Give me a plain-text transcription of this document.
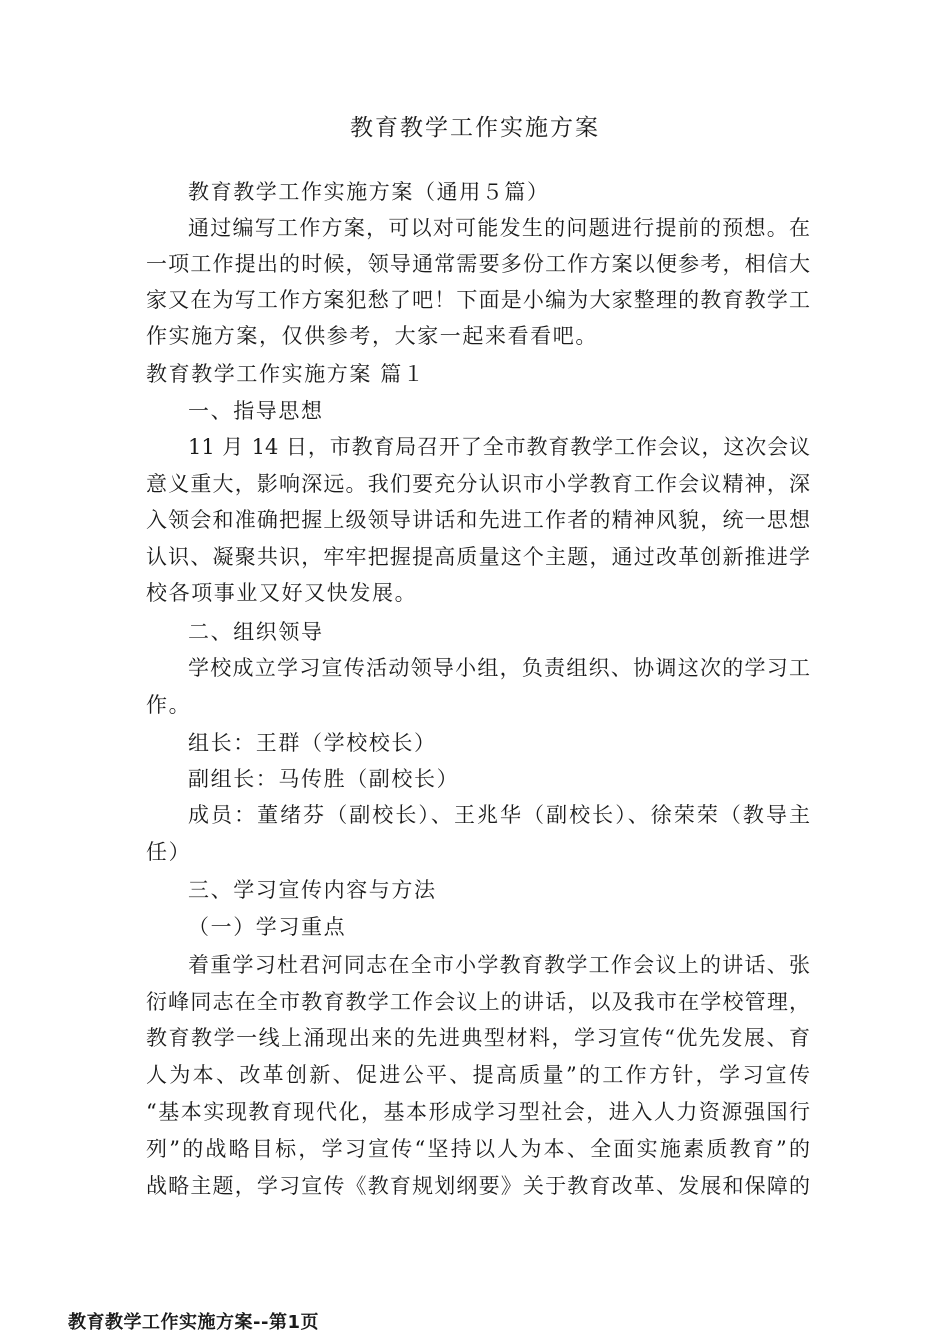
教育教学工作实施方案
教育教学工作实施方案（通用５篇）
通过编写工作方案，可以对可能发生的问题进行提前的预想。在
一项工作提出的时候，领导通常需要多份工作方案以便参考，相信大
家又在为写工作方案犯愁了吧！下面是小编为大家整理的教育教学工
作实施方案，仅供参考，大家一起来看看吧。
教育教学工作实施方案 篇１
一、指导思想
11 月 14 日，市教育局召开了全市教育教学工作会议，这次会议
意义重大，影响深远。我们要充分认识市小学教育工作会议精神，深
入领会和准确把握上级领导讲话和先进工作者的精神风貌，统一思想
认识、凝聚共识，牢牢把握提高质量这个主题，通过改革创新推进学
校各项事业又好又快发展。
二、组织领导
学校成立学习宣传活动领导小组，负责组织、协调这次的学习工
作。
组长：王群（学校校长）
副组长：马传胜（副校长）
成员：董绪芬（副校长）、王兆华（副校长）、徐荣荣（教导主
任）
三、学习宣传内容与方法
（一）学习重点
着重学习杜君河同志在全市小学教育教学工作会议上的讲话、张
衍峰同志在全市教育教学工作会议上的讲话，以及我市在学校管理，
教育教学一线上涌现出来的先进典型材料，学习宣传“优先发展、育
人为本、改革创新、促进公平、提高质量”的工作方针，学习宣传
“基本实现教育现代化，基本形成学习型社会，进入人力资源强国行
列”的战略目标，学习宣传“坚持以人为本、全面实施素质教育”的
战略主题，学习宣传《教育规划纲要》关于教育改革、发展和保障的
教育教学工作实施方案--第1页
